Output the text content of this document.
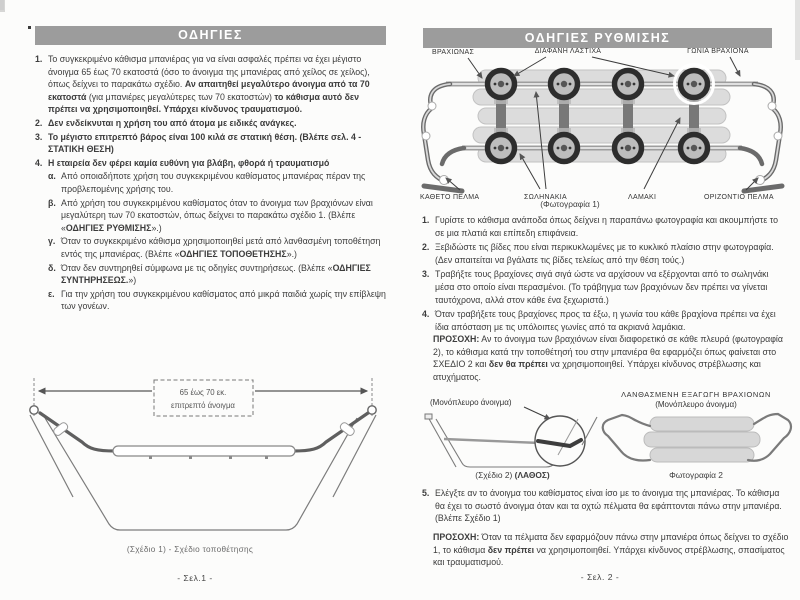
ΟΔΗΓΙΕΣ
1. Το συγκεκριμένο κάθισμα μπανιέρας για να είναι ασφαλές πρέπει να έχει μέγιστο άνοιγμα 65 έως 70 εκατοστά (όσο το άνοιγμα της μπανιέρας από χείλος σε χείλος), όπως δείχνει το παρακάτω σχέδιο. Αν απαιτηθεί μεγαλύτερο άνοιγμα από τα 70 εκατοστά (για μπανιέρες μεγαλύτερες των 70 εκατοστών) το κάθισμα αυτό δεν πρέπει να χρησιμοποιηθεί. Υπάρχει κίνδυνος τραυματισμού.
2. Δεν ενδείκνυται η χρήση του από άτομα με ειδικές ανάγκες.
3. Το μέγιστο επιτρεπτό βάρος είναι 100 κιλά σε στατική θέση. (Βλέπε σελ. 4 - ΣΤΑΤΙΚΗ ΘΕΣΗ)
4. Η εταιρεία δεν φέρει καμία ευθύνη για βλάβη, φθορά ή τραυματισμό
α. Από οποιαδήποτε χρήση του συγκεκριμένου καθίσματος μπανιέρας πέραν της προβλεπομένης χρήσης του.
β. Από χρήση του συγκεκριμένου καθίσματος όταν το άνοιγμα των βραχιόνων είναι μεγαλύτερη των 70 εκατοστών, όπως δείχνει το παρακάτω σχέδιο 1. (Βλέπε «ΟΔΗΓΙΕΣ ΡΥΘΜΙΣΗΣ».)
γ. Όταν το συγκεκριμένο κάθισμα χρησιμοποιηθεί μετά από λανθασμένη τοποθέτηση εντός της μπανιέρας. (Βλέπε «ΟΔΗΓΙΕΣ ΤΟΠΟΘΕΤΗΣΗΣ».)
δ. Όταν δεν συντηρηθεί σύμφωνα με τις οδηγίες συντηρήσεως. (Βλέπε «ΟΔΗΓΙΕΣ ΣΥΝΤΗΡΗΣΕΩΣ.»)
ε. Για την χρήση του συγκεκριμένου καθίσματος από μικρά παιδιά χωρίς την επίβλεψη των γονέων.
65 έως 70 εκ.
επιτρεπτό άνοιγμα
(Σχέδιο 1) - Σχέδιο τοποθέτησης
- Σελ.1 -
ΟΔΗΓΙΕΣ ΡΥΘΜΙΣΗΣ
ΒΡΑΧΙΩΝΑΣ	ΔΙΑΦΑΝΗ ΛΑΣΤΙΧΑ	ΓΩΝΙΑ ΒΡΑΧΙΟΝΑ
ΚΑΘΕΤΟ ΠΕΛΜΑ	ΣΩΛΗΝΑΚΙΑ	ΛΑΜΑΚΙ	ΟΡΙΖΟΝΤΙΟ ΠΕΛΜΑ
(Φωτογραφία 1)
1. Γυρίστε το κάθισμα ανάποδα όπως δείχνει η παραπάνω φωτογραφία και ακουμπήστε το σε μια πλατιά και επίπεδη επιφάνεια.
2. Ξεβιδώστε τις βίδες που είναι περικυκλωμένες με το κυκλικό πλαίσιο στην φωτογραφία. (Δεν απαιτείται να βγάλατε τις βίδες τελείως από την θέση τούς.)
3. Τραβήξτε τους βραχίονες σιγά σιγά ώστε να αρχίσουν να εξέρχονται από το σωληνάκι μέσα στο οποίο είναι περασμένοι. (Το τράβηγμα των βραχιόνων δεν πρέπει να γίνεται ταυτόχρονα, αλλά στον κάθε ένα ξεχωριστά.)
4. Όταν τραβήξετε τους βραχίονες προς τα έξω, η γωνία του κάθε βραχίονα πρέπει να έχει ίδια απόσταση με τις υπόλοιπες γωνίες από τα ακριανά λαμάκια.
ΠΡΟΣΟΧΗ: Αν το άνοιγμα των βραχιόνων είναι διαφορετικό σε κάθε πλευρά (φωτογραφία 2), το κάθισμα κατά την τοποθέτησή του στην μπανιέρα θα εφαρμόζει όπως φαίνεται στο ΣΧΕΔΙΟ 2 και δεν θα πρέπει να χρησιμοποιηθεί. Υπάρχει κίνδυνος στρέβλωσης και ατυχήματος.
(Μονόπλευρο άνοιγμα)
(Σχέδιο 2) (ΛΑΘΟΣ)
ΛΑΝΘΑΣΜΕΝΗ ΕΞΑΓΩΓΗ ΒΡΑΧΙΟΝΩΝ
(Μονόπλευρο άνοιγμα)
Φωτογραφία 2
5. Ελέγξτε αν το άνοιγμα του καθίσματος είναι ίσο με το άνοιγμα της μπανιέρας. Το κάθισμα θα έχει το σωστό άνοιγμα όταν και τα οχτώ πέλματα θα εφάπτονται πάνω στην μπανιέρα. (Βλέπε Σχέδιο 1)
ΠΡΟΣΟΧΗ: Όταν τα πέλματα δεν εφαρμόζουν πάνω στην μπανιέρα όπως δείχνει το σχέδιο 1, το κάθισμα δεν πρέπει να χρησιμοποιηθεί. Υπάρχει κίνδυνος στρέβλωσης, σπασίματος και τραυματισμού.
- Σελ. 2 -
